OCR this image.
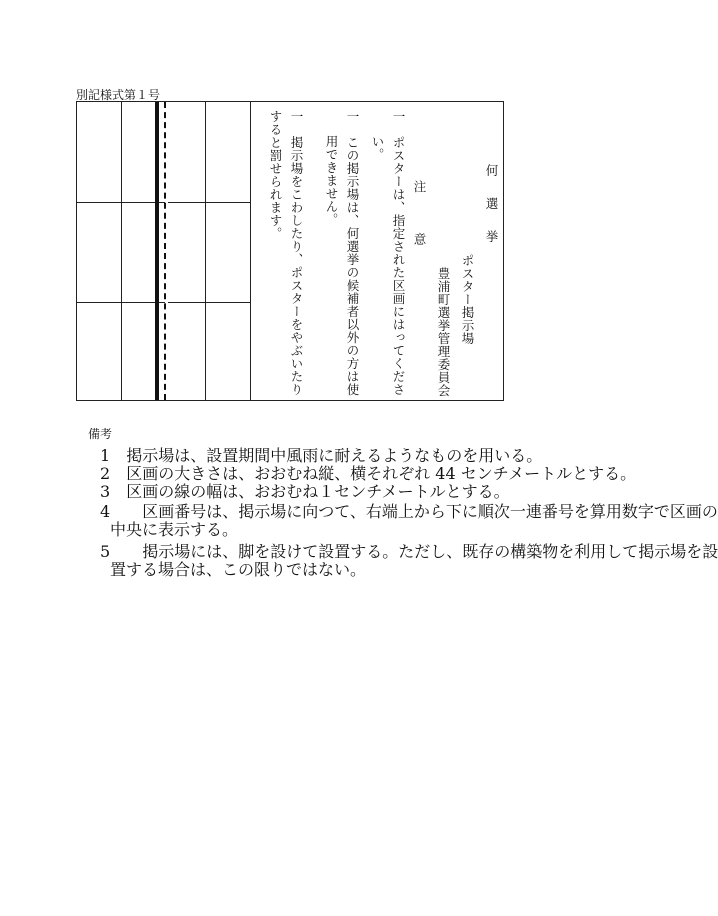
別記様式第１号
何　選　挙
ポスター掲示場
豊浦町選挙管理委員会
注　　意
一　ポスターは、指定された区画にはってくださ
い。
一　この掲示場は、何選挙の候補者以外の方は使
用できません。
一　掲示場をこわしたり、ポスターをやぶいたり
すると罰せられます。
備考
1　 掲示場は、設置期間中風雨に耐えるようなものを用いる。
2　 区画の大きさは、おおむね縦、横それぞれ 44 センチメートルとする。
3　 区画の線の幅は、おおむね１センチメートルとする。
4　　 区画番号は、掲示場に向つて、右端上から下に順次一連番号を算用数字で区画の
中央に表示する。
5　　 掲示場には、脚を設けて設置する。ただし、既存の構築物を利用して掲示場を設
置する場合は、この限りではない。
